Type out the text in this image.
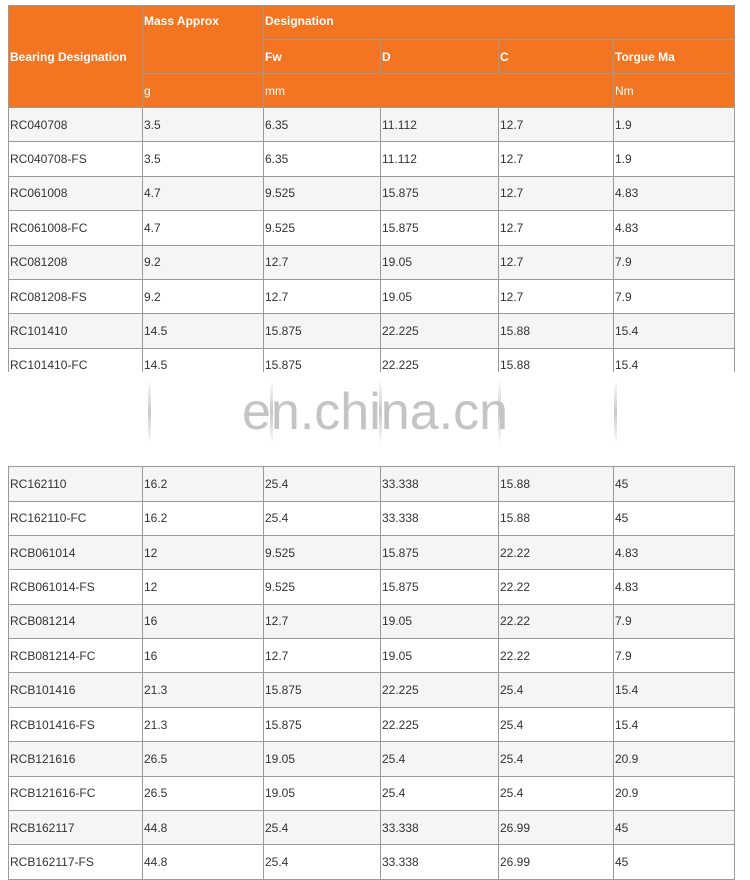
Bearing Designation	Mass Approx	Designation			
		Fw	D	C	Torgue Ma
	g	mm			Nm
RC040708	3.5	6.35	11.112	12.7	1.9
RC040708-FS	3.5	6.35	11.112	12.7	1.9
RC061008	4.7	9.525	15.875	12.7	4.83
RC061008-FC	4.7	9.525	15.875	12.7	4.83
RC081208	9.2	12.7	19.05	12.7	7.9
RC081208-FS	9.2	12.7	19.05	12.7	7.9
RC101410	14.5	15.875	22.225	15.88	15.4
RC101410-FC	14.5	15.875	22.225	15.88	15.4

RC162110	16.2	25.4	33.338	15.88	45
RC162110-FC	16.2	25.4	33.338	15.88	45
RCB061014	12	9.525	15.875	22.22	4.83
RCB061014-FS	12	9.525	15.875	22.22	4.83
RCB081214	16	12.7	19.05	22.22	7.9
RCB081214-FC	16	12.7	19.05	22.22	7.9
RCB101416	21.3	15.875	22.225	25.4	15.4
RCB101416-FS	21.3	15.875	22.225	25.4	15.4
RCB121616	26.5	19.05	25.4	25.4	20.9
RCB121616-FC	26.5	19.05	25.4	25.4	20.9
RCB162117	44.8	25.4	33.338	26.99	45
RCB162117-FS	44.8	25.4	33.338	26.99	45
en.china.cn
